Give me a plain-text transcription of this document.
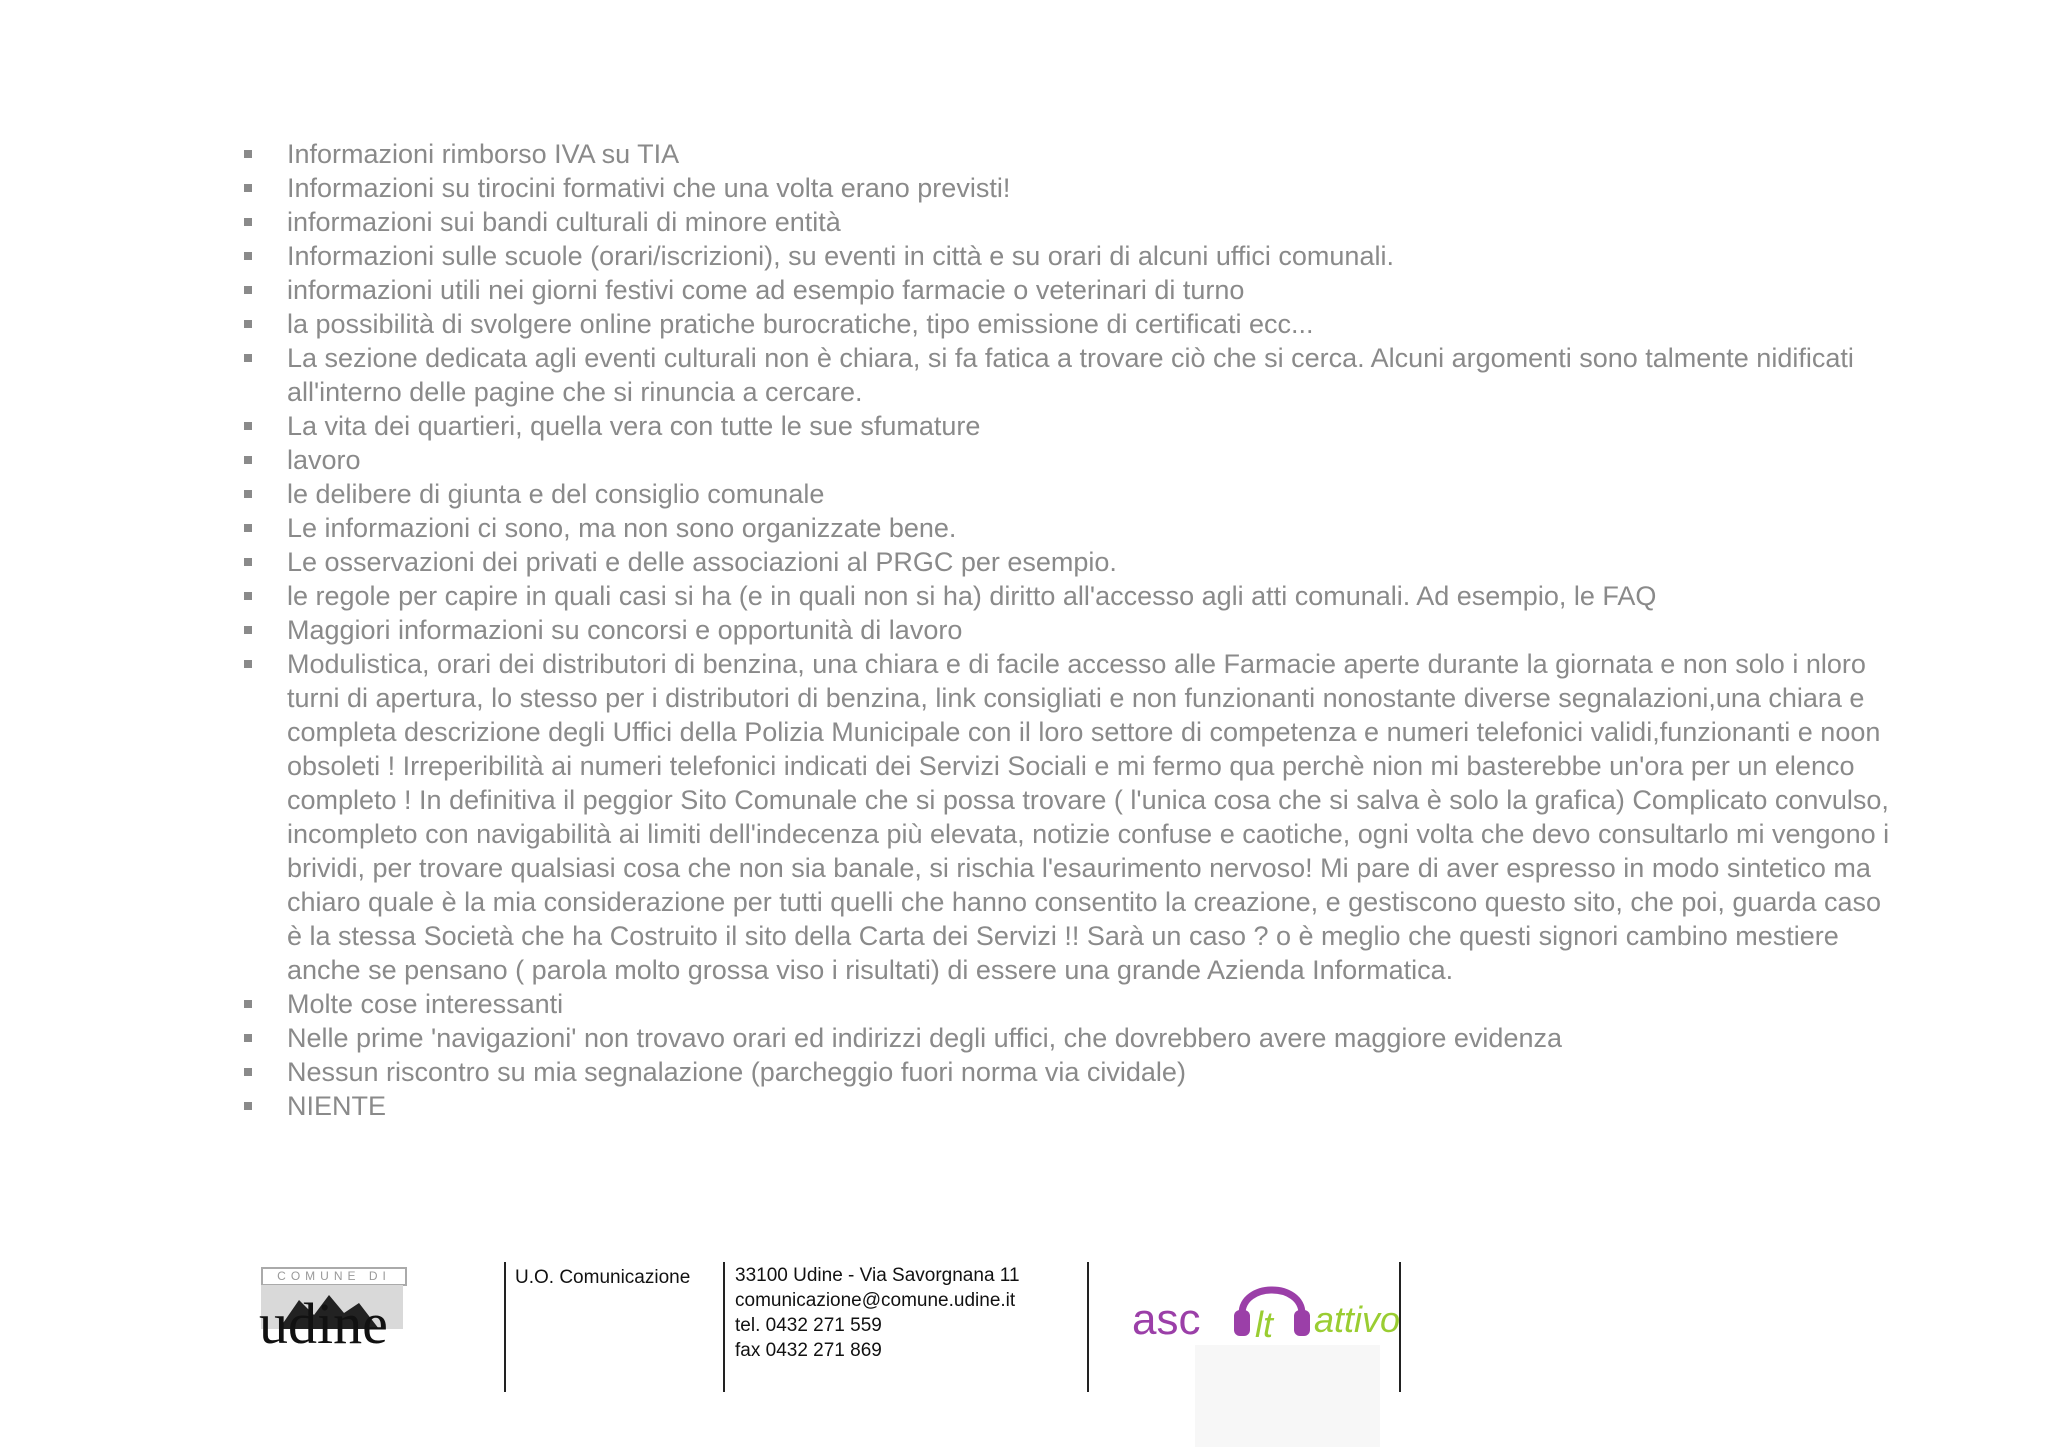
Informazioni rimborso IVA su TIA
Informazioni su tirocini formativi che una volta erano previsti!
informazioni sui bandi culturali di minore entità
Informazioni sulle scuole (orari/iscrizioni), su eventi in città e su orari di alcuni uffici comunali.
informazioni utili nei giorni festivi come ad esempio farmacie o veterinari di turno
la possibilità di svolgere online pratiche burocratiche, tipo emissione di certificati ecc...
La sezione dedicata agli eventi culturali non è chiara, si fa fatica a trovare ciò che si cerca. Alcuni argomenti sono talmente nidificati all'interno delle pagine che si rinuncia a cercare.
La vita dei quartieri, quella vera con tutte le sue sfumature
lavoro
le delibere di giunta e del consiglio comunale
Le informazioni ci sono, ma non sono organizzate bene.
Le osservazioni dei privati e delle associazioni al PRGC per esempio.
le regole per capire in quali casi si ha (e in quali non si ha) diritto all'accesso agli atti comunali. Ad esempio, le FAQ
Maggiori informazioni su concorsi e opportunità di lavoro
Modulistica, orari dei distributori di benzina, una chiara e di facile accesso alle Farmacie aperte durante la giornata e non solo i nloro turni di apertura, lo stesso per i distributori di benzina, link consigliati e non funzionanti nonostante diverse segnalazioni,una chiara e completa descrizione degli Uffici della Polizia Municipale con il loro settore di competenza e numeri telefonici validi,funzionanti e noon obsoleti ! Irreperibilità ai numeri telefonici indicati dei Servizi Sociali e mi fermo qua perchè nion mi basterebbe un'ora per un elenco completo ! In definitiva il peggior Sito Comunale che si possa trovare ( l'unica cosa che si salva è solo la grafica) Complicato convulso, incompleto con navigabilità ai limiti dell'indecenza più elevata, notizie confuse e caotiche, ogni volta che devo consultarlo mi vengono i brividi, per trovare qualsiasi cosa che non sia banale, si rischia l'esaurimento nervoso! Mi pare di aver espresso in modo sintetico ma chiaro quale è la mia considerazione per tutti quelli che hanno consentito la creazione, e gestiscono questo sito, che poi, guarda caso è la stessa Società che ha Costruito il sito della Carta dei Servizi !! Sarà un caso ? o è meglio che questi signori cambino mestiere anche se pensano ( parola molto grossa viso i risultati) di essere una grande Azienda Informatica.
Molte cose interessanti
Nelle prime 'navigazioni' non trovavo orari ed indirizzi degli uffici, che dovrebbero avere maggiore evidenza
Nessun riscontro su mia segnalazione (parcheggio fuori norma via cividale)
NIENTE
COMUNE DI
udine
U.O. Comunicazione 33100 Udine - Via Savorgnana 11
comunicazione@comune.udine.it
tel. 0432 271 559
fax 0432 271 869
asc lt attivo
